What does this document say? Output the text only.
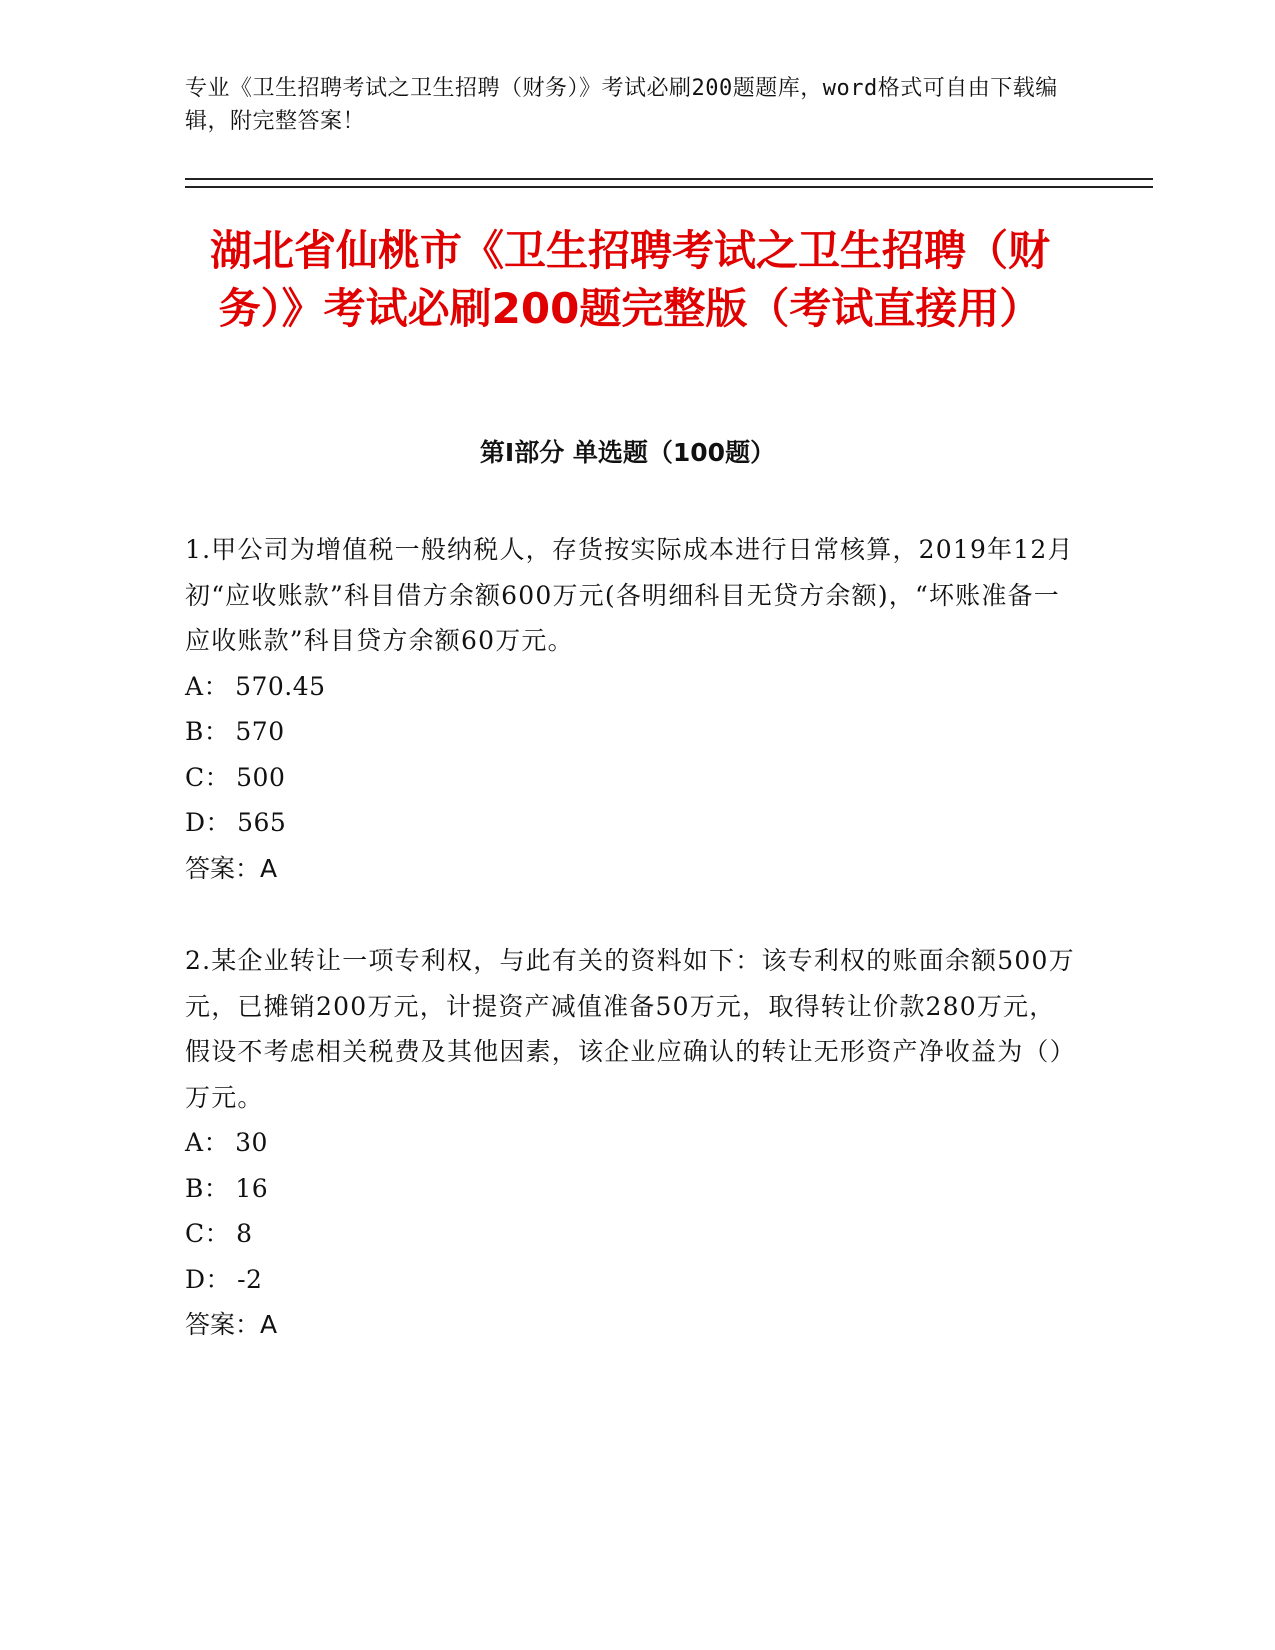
专业《卫生招聘考试之卫生招聘（财务）》考试必刷200题题库，word格式可自由下载编辑，附完整答案！
湖北省仙桃市《卫生招聘考试之卫生招聘（财务）》考试必刷200题完整版（考试直接用）
第Ⅰ部分 单选题（100题）

1.甲公司为增值税一般纳税人，存货按实际成本进行日常核算，2019年12月初“应收账款”科目借方余额600万元(各明细科目无贷方余额)，“坏账准备一应收账款”科目贷方余额60万元。

A： 570.45

B： 570

C： 500

D： 565

答案：A

2.某企业转让一项专利权，与此有关的资料如下：该专利权的账面余额500万元，已摊销200万元，计提资产减值准备50万元，取得转让价款280万元，假设不考虑相关税费及其他因素，该企业应确认的转让无形资产净收益为（）万元。

A： 30

B： 16

C： 8

D： -2

答案：A
